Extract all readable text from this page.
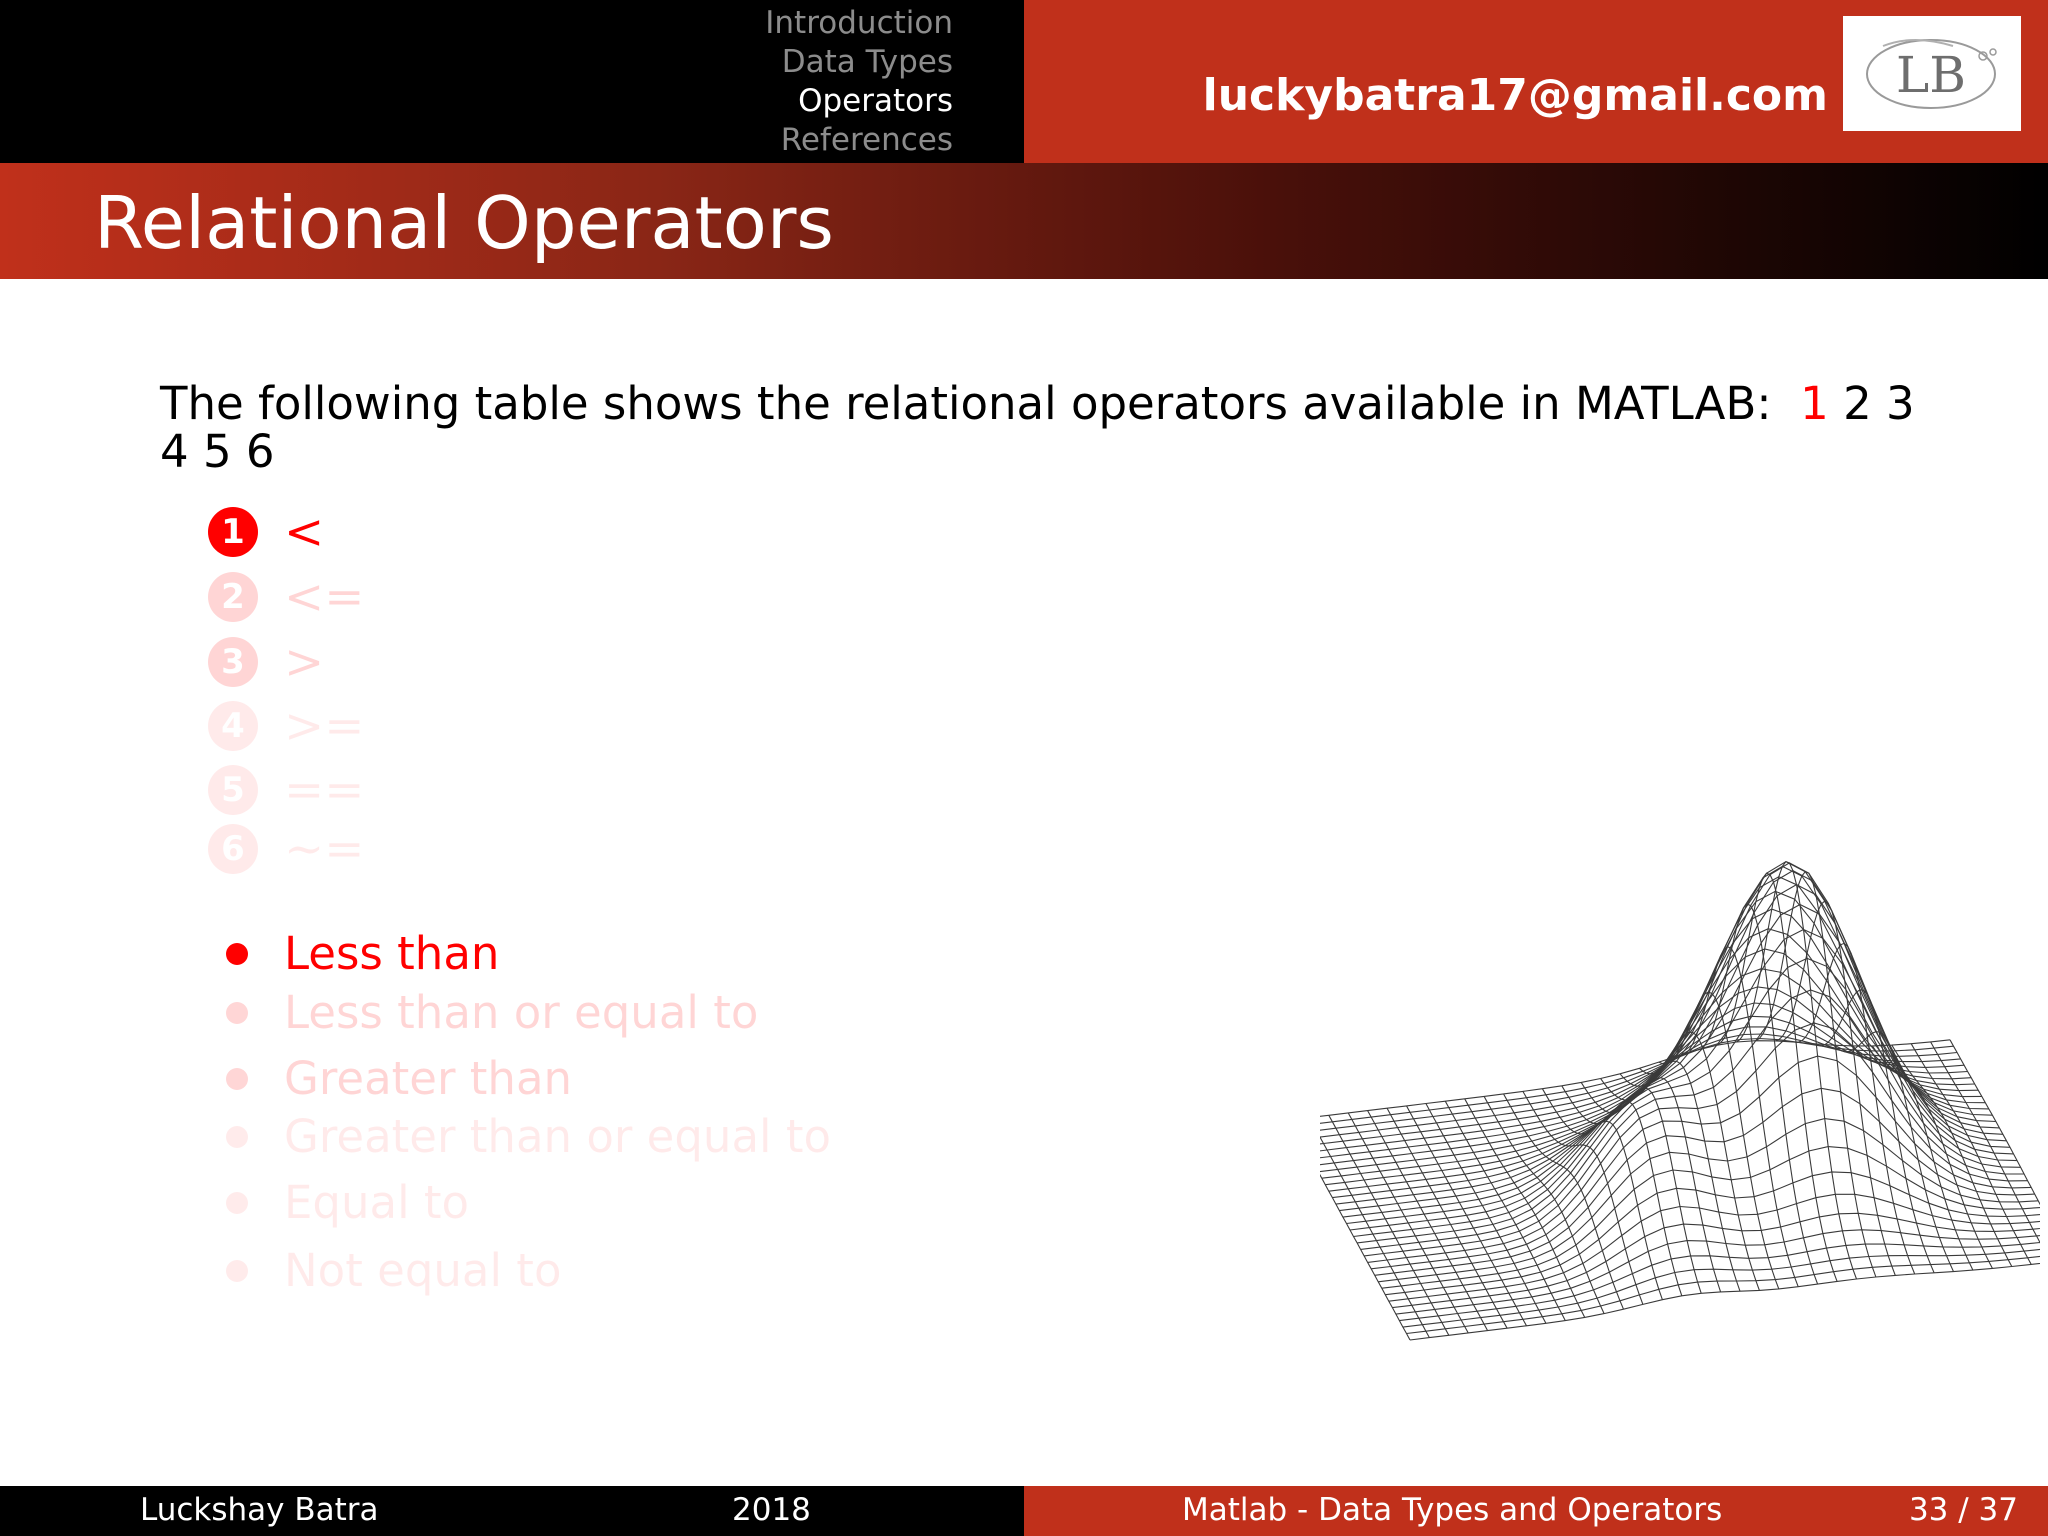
Introduction
Data Types
Operators
References
luckybatra17@gmail.com LB
Relational Operators
The following table shows the relational operators available in MATLAB: 1 2 3 4 5 6
1 <
2 <=
3 >
4 >=
5 ==
6 ~=
Less than
Less than or equal to
Greater than
Greater than or equal to
Equal to
Not equal to
Luckshay Batra	2018	Matlab - Data Types and Operators	33 / 37
